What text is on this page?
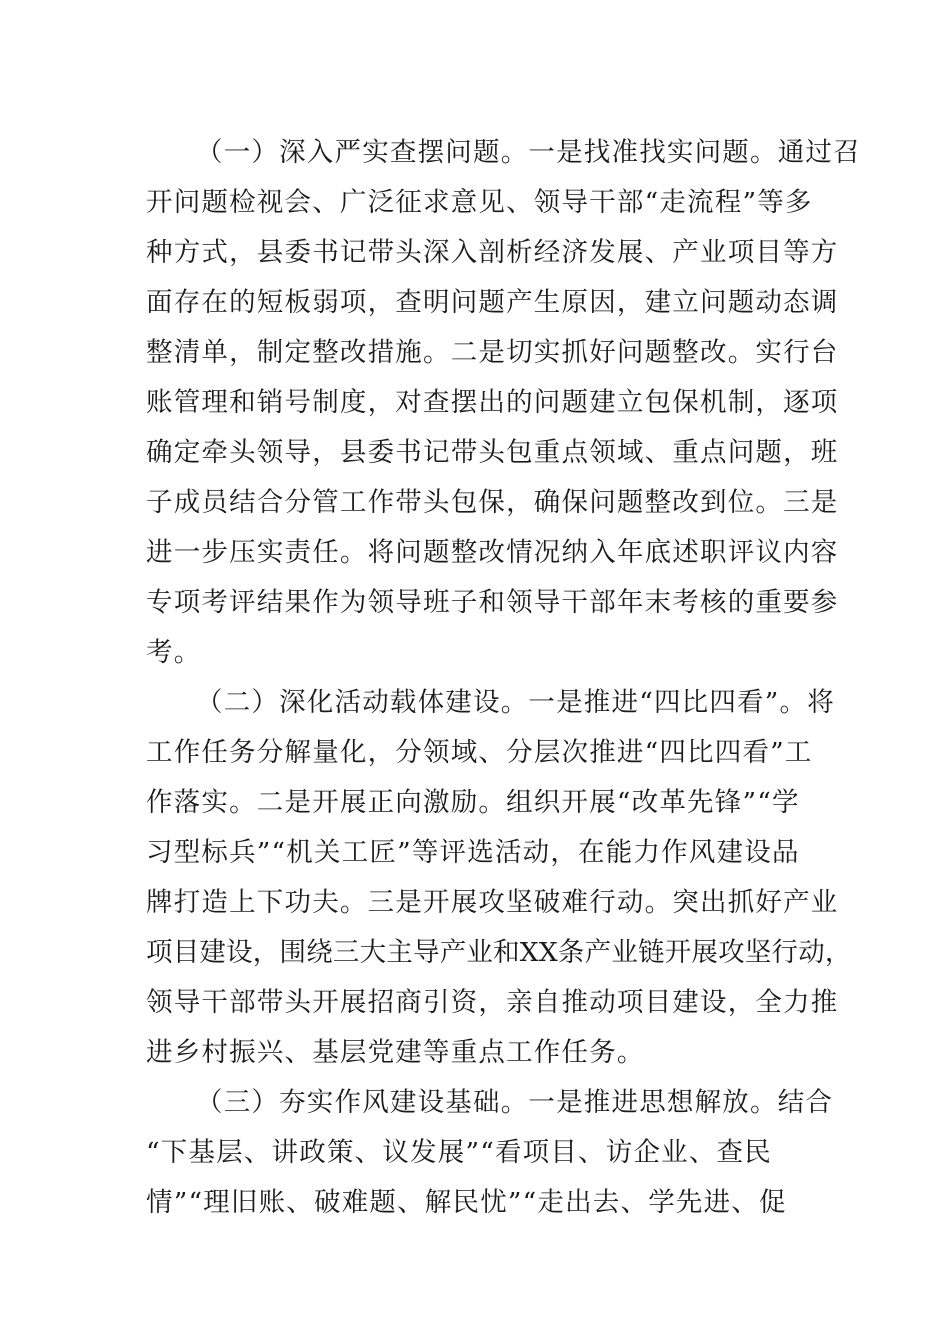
（一）深入严实查摆问题。一是找准找实问题。通过召
开问题检视会、广泛征求意见、领导干部“走流程”等多
种方式，县委书记带头深入剖析经济发展、产业项目等方
面存在的短板弱项，查明问题产生原因，建立问题动态调
整清单，制定整改措施。二是切实抓好问题整改。实行台
账管理和销号制度，对查摆出的问题建立包保机制，逐项
确定牵头领导，县委书记带头包重点领域、重点问题，班
子成员结合分管工作带头包保，确保问题整改到位。三是
进一步压实责任。将问题整改情况纳入年底述职评议内容
专项考评结果作为领导班子和领导干部年末考核的重要参
考。
（二）深化活动载体建设。一是推进“四比四看”。将
工作任务分解量化，分领域、分层次推进“四比四看”工
作落实。二是开展正向激励。组织开展“改革先锋”“学
习型标兵”“机关工匠”等评选活动，在能力作风建设品
牌打造上下功夫。三是开展攻坚破难行动。突出抓好产业
项目建设，围绕三大主导产业和XX条产业链开展攻坚行动，
领导干部带头开展招商引资，亲自推动项目建设，全力推
进乡村振兴、基层党建等重点工作任务。
（三）夯实作风建设基础。一是推进思想解放。结合
“下基层、讲政策、议发展”“看项目、访企业、查民
情”“理旧账、破难题、解民忧”“走出去、学先进、促
